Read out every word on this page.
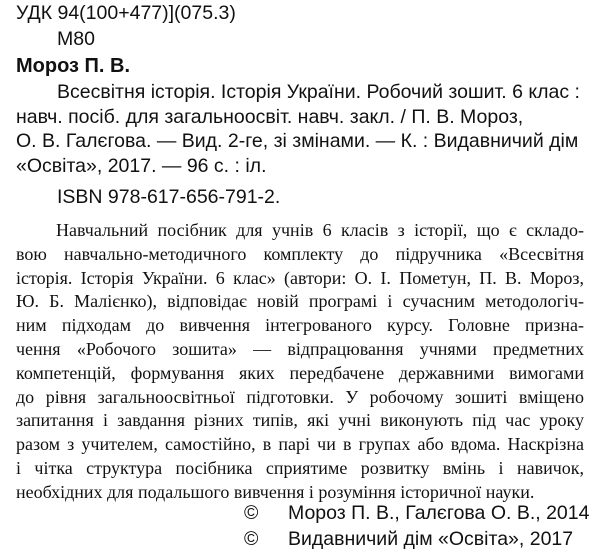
УДК 94(100+477)](075.3)
М80
Мороз П. В.

Всесвітня історія. Історія України. Робочий зошит. 6 клас :

навч. посіб. для загальноосвіт. навч. закл. / П. В. Мороз,

О. В. Галєгова. — Вид. 2-ге, зі змінами. — К. : Видавничий дім

«Освіта», 2017. — 96 с. : іл.

ISBN 978-617-656-791-2.

Навчальний посібник для учнів 6 класів з історії, що є складо-

вою навчально-методичного комплекту до підручника «Всесвітня

історія. Історія України. 6 клас» (автори: О. І. Пометун, П. В. Мороз,

Ю. Б. Малієнко), відповідає новій програмі і сучасним методологіч-

ним підходам до вивчення інтегрованого курсу. Головне призна-

чення «Робочого зошита» — відпрацювання учнями предметних

компетенцій, формування яких передбачене державними вимогами

до рівня загальноосвітньої підготовки. У робочому зошиті вміщено

запитання і завдання різних типів, які учні виконують під час уроку

разом з учителем, самостійно, в парі чи в групах або вдома. Наскрізна

і чітка структура посібника сприятиме розвитку вмінь і навичок,

необхідних для подальшого вивчення і розуміння історичної науки.

© Мороз П. В., Галєгова О. В., 2014
© Видавничий дім «Освіта», 2017
